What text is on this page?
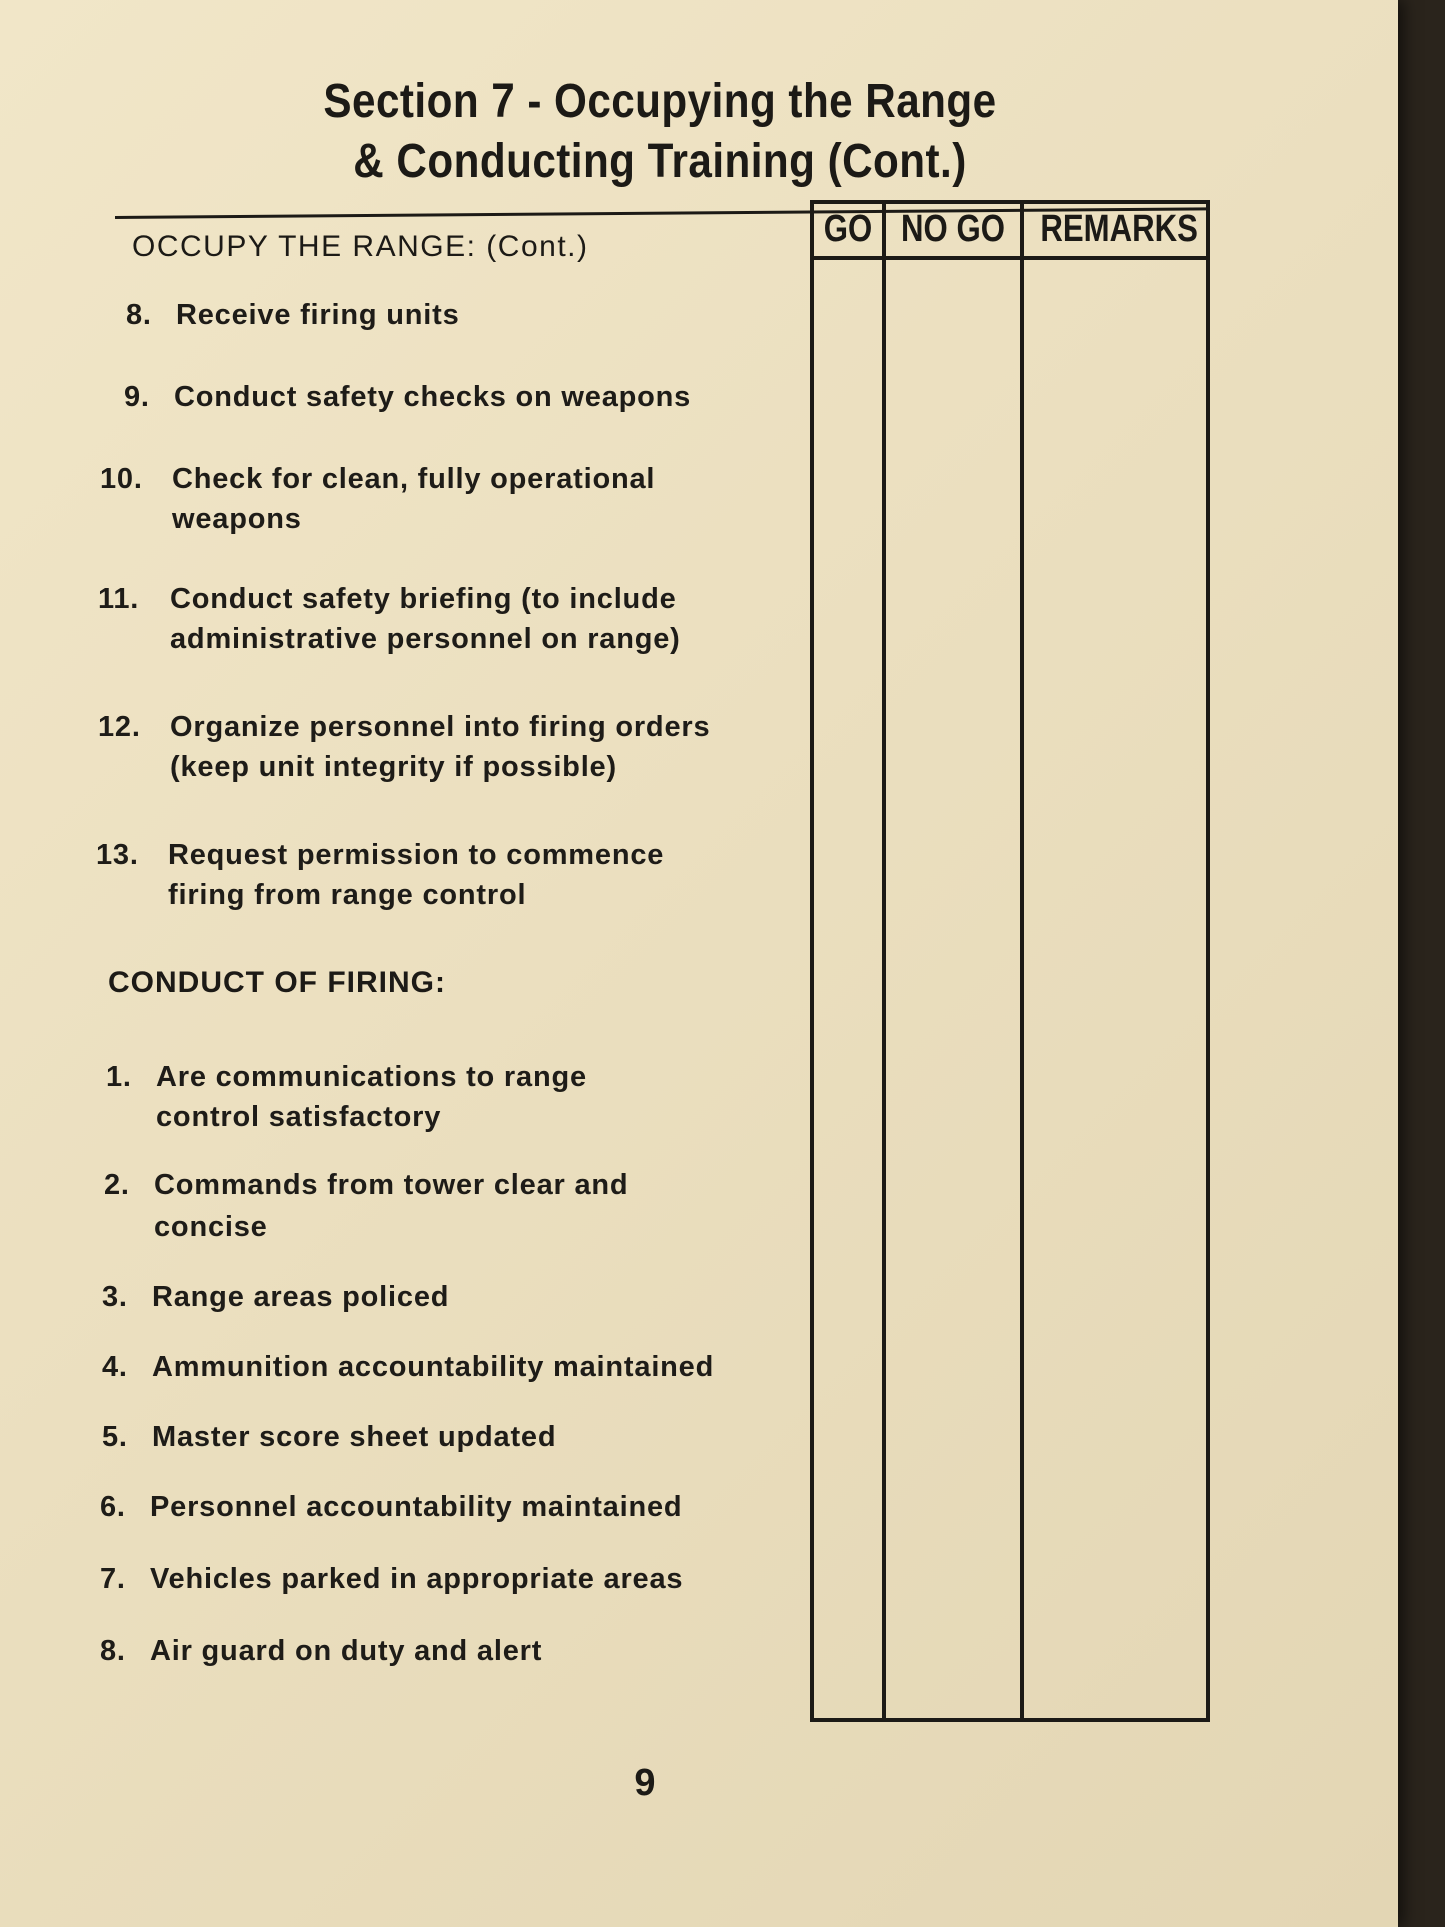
Section 7 - Occupying the Range
& Conducting Training (Cont.)
GO NO GO REMARKS
OCCUPY THE RANGE: (Cont.)
8. Receive firing units
9. Conduct safety checks on weapons
10. Check for clean, fully operational
weapons
11. Conduct safety briefing (to include
administrative personnel on range)
12. Organize personnel into firing orders
(keep unit integrity if possible)
13. Request permission to commence
firing from range control
CONDUCT OF FIRING:
1. Are communications to range
control satisfactory
2. Commands from tower clear and
concise
3. Range areas policed
4. Ammunition accountability maintained
5. Master score sheet updated
6. Personnel accountability maintained
7. Vehicles parked in appropriate areas
8. Air guard on duty and alert
9
